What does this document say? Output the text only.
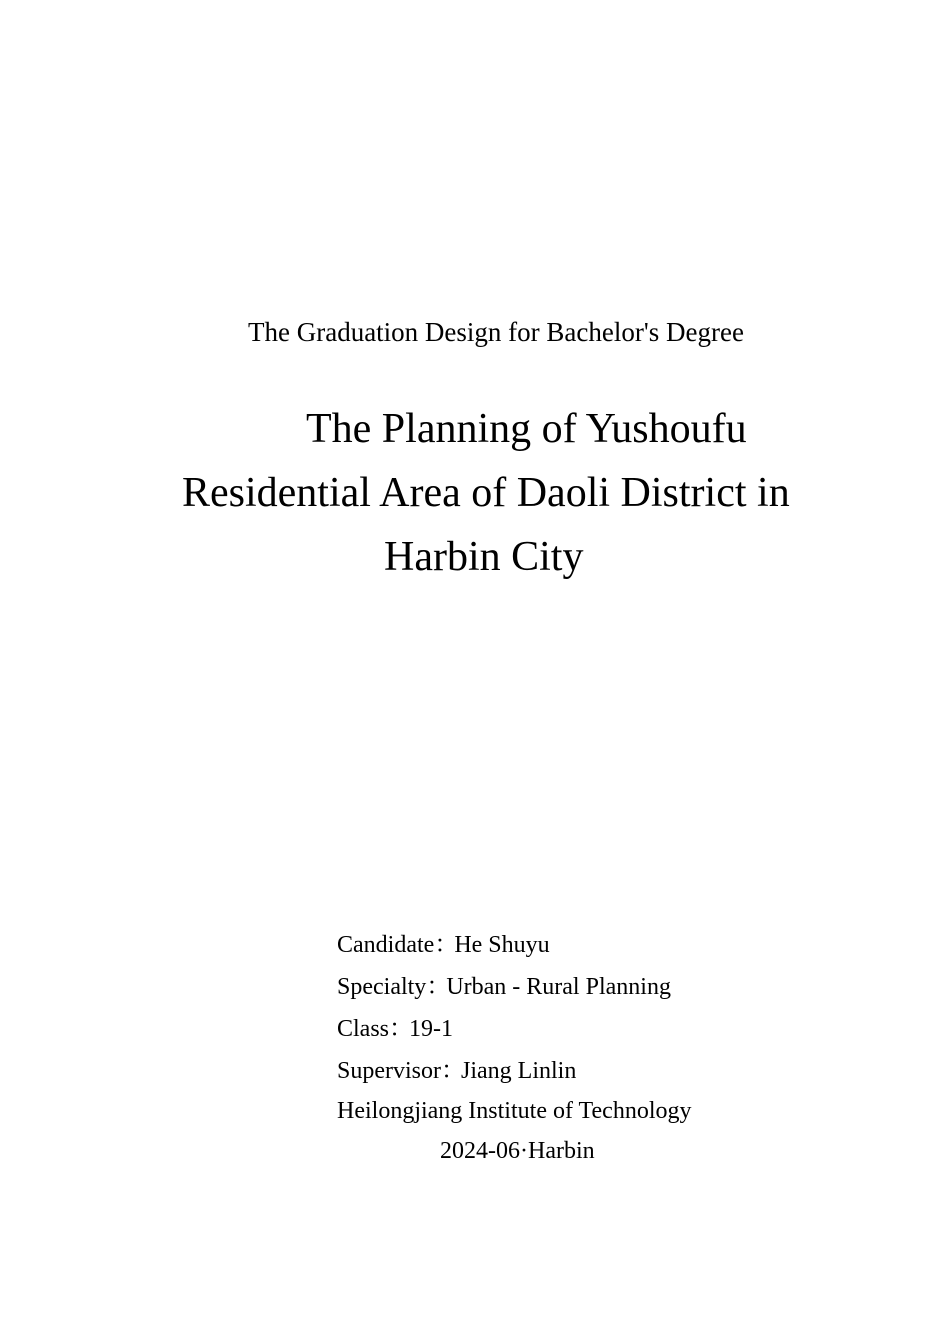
The Graduation Design for Bachelor's Degree
The Planning of Yushoufu
Residential Area of Daoli District in
Harbin City
Candidate：He Shuyu
Specialty：Urban - Rural Planning
Class：19-1
Supervisor：Jiang Linlin
Heilongjiang Institute of Technology
2024-06·Harbin
